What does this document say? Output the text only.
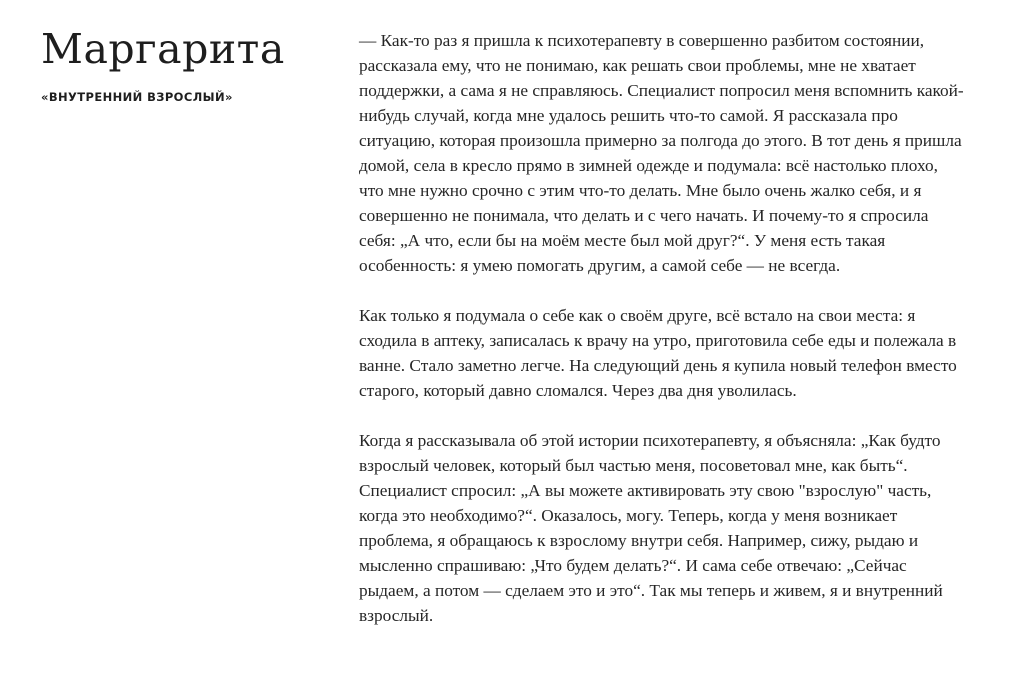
Маргарита
«ВНУТРЕННИЙ ВЗРОСЛЫЙ»

— Как-то раз я пришла к психотерапевту в совершенно разбитом состоянии, рассказала ему, что не понимаю, как решать свои проблемы, мне не хватает поддержки, а сама я не справляюсь. Специалист попросил меня вспомнить какой-нибудь случай, когда мне удалось решить что-то самой. Я рассказала про ситуацию, которая произошла примерно за полгода до этого. В тот день я пришла домой, села в кресло прямо в зимней одежде и подумала: всё настолько плохо, что мне нужно срочно с этим что-то делать. Мне было очень жалко себя, и я совершенно не понимала, что делать и с чего начать. И почему-то я спросила себя: „А что, если бы на моём месте был мой друг?“. У меня есть такая особенность: я умею помогать другим, а самой себе — не всегда.

Как только я подумала о себе как о своём друге, всё встало на свои места: я сходила в аптеку, записалась к врачу на утро, приготовила себе еды и полежала в ванне. Стало заметно легче. На следующий день я купила новый телефон вместо старого, который давно сломался. Через два дня уволилась.

Когда я рассказывала об этой истории психотерапевту, я объясняла: „Как будто взрослый человек, который был частью меня, посоветовал мне, как быть“. Специалист спросил: „А вы можете активировать эту свою "взрослую" часть, когда это необходимо?“. Оказалось, могу. Теперь, когда у меня возникает проблема, я обращаюсь к взрослому внутри себя. Например, сижу, рыдаю и мысленно спрашиваю: „Что будем делать?“. И сама себе отвечаю: „Сейчас рыдаем, а потом — сделаем это и это“. Так мы теперь и живем, я и внутренний взрослый.
